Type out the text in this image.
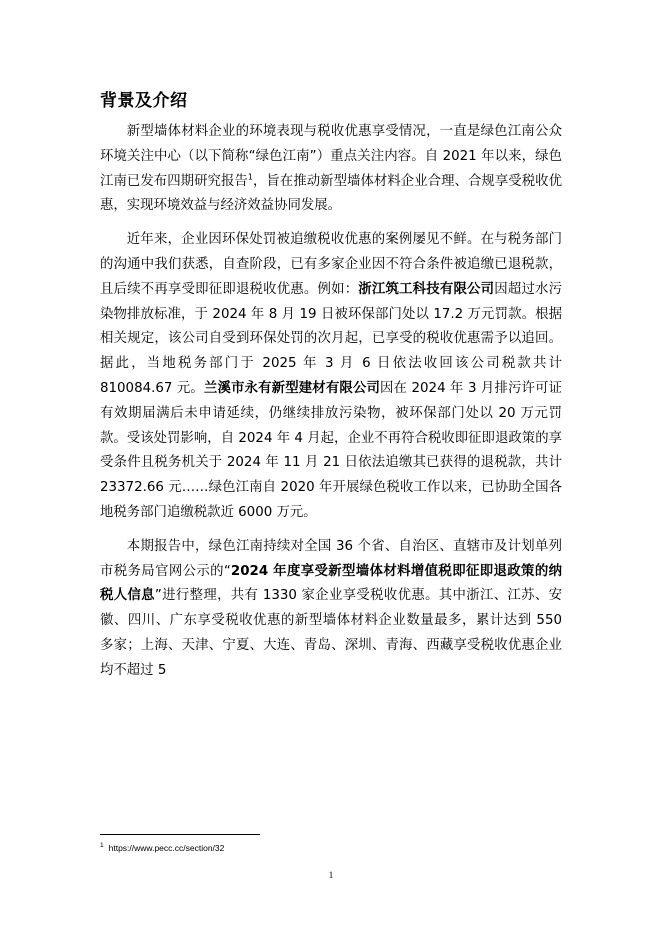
背景及介绍

新型墙体材料企业的环境表现与税收优惠享受情况，一直是绿色江南公众环境关注中心（以下简称“绿色江南”）重点关注内容。自 2021 年以来，绿色江南已发布四期研究报告$^1$，旨在推动新型墙体材料企业合理、合规享受税收优惠，实现环境效益与经济效益协同发展。

近年来，企业因环保处罚被追缴税收优惠的案例屡见不鲜。在与税务部门的沟通中我们获悉，自查阶段，已有多家企业因不符合条件被追缴已退税款，且后续不再享受即征即退税收优惠。例如：浙江筑工科技有限公司因超过水污染物排放标准，于 2024 年 8 月 19 日被环保部门处以 17.2 万元罚款。根据相关规定，该公司自受到环保处罚的次月起，已享受的税收优惠需予以追回。据此，当地税务部门于 2025 年 3 月 6 日依法收回该公司税款共计 810084.67 元。兰溪市永有新型建材有限公司因在 2024 年 3 月排污许可证有效期届满后未申请延续，仍继续排放污染物，被环保部门处以 20 万元罚款。受该处罚影响，自 2024 年 4 月起，企业不再符合税收即征即退政策的享受条件且税务机关于 2024 年 11 月 21 日依法追缴其已获得的退税款，共计 23372.66 元……绿色江南自 2020 年开展绿色税收工作以来，已协助全国各地税务部门追缴税款近 6000 万元。

本期报告中，绿色江南持续对全国 36 个省、自治区、直辖市及计划单列市税务局官网公示的“2024 年度享受新型墙体材料增值税即征即退政策的纳税人信息”进行整理，共有 1330 家企业享受税收优惠。其中浙江、江苏、安徽、四川、广东享受税收优惠的新型墙体材料企业数量最多，累计达到 550 多家；上海、天津、宁夏、大连、青岛、深圳、青海、西藏享受税收优惠企业均不超过 5

$^1$ https://www.pecc.cc/section/32
1
